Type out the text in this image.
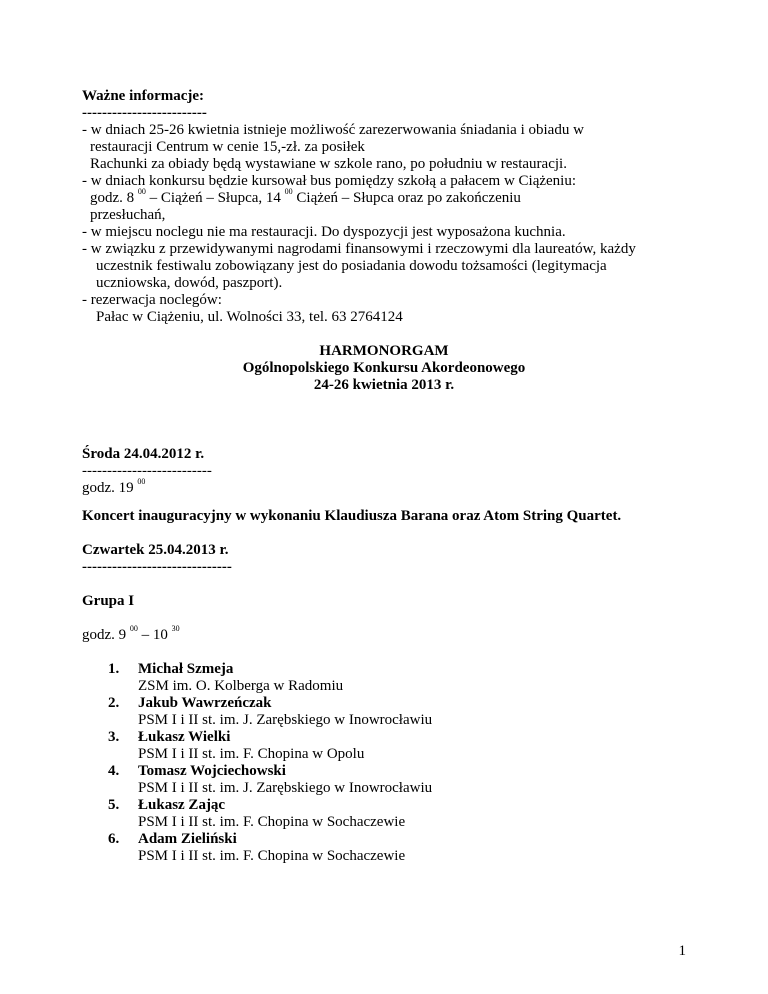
Ważne informacje:
-------------------------
- w dniach 25-26 kwietnia istnieje możliwość zarezerwowania śniadania i obiadu w
restauracji Centrum w cenie 15,-zł. za posiłek
Rachunki za obiady będą wystawiane w szkole rano, po południu w restauracji.
- w dniach konkursu będzie kursował bus pomiędzy szkołą a pałacem w Ciążeniu:
godz. 8 $^{00}$ – Ciążeń – Słupca, 14 $^{00}$ Ciążeń – Słupca oraz po zakończeniu
przesłuchań,
- w miejscu noclegu nie ma restauracji. Do dyspozycji jest wyposażona kuchnia.
- w związku z przewidywanymi nagrodami finansowymi i rzeczowymi dla laureatów, każdy
uczestnik festiwalu zobowiązany jest do posiadania dowodu tożsamości (legitymacja
uczniowska, dowód, paszport).
- rezerwacja noclegów:
Pałac w Ciążeniu, ul. Wolności 33, tel. 63 2764124
HARMONORGAM
Ogólnopolskiego Konkursu Akordeonowego
24-26 kwietnia 2013 r.
Środa 24.04.2012 r.
--------------------------
godz. 19 $^{00}$
Koncert inauguracyjny w wykonaniu Klaudiusza Barana oraz Atom String Quartet.
Czwartek 25.04.2013 r.
------------------------------
Grupa I
godz. 9 $^{00}$ – 10 $^{30}$
1. Michał Szmeja
ZSM im. O. Kolberga w Radomiu
2. Jakub Wawrzeńczak
PSM I i II st. im. J. Zarębskiego w Inowrocławiu
3. Łukasz Wielki
PSM I i II st. im. F. Chopina w Opolu
4. Tomasz Wojciechowski
PSM I i II st. im. J. Zarębskiego w Inowrocławiu
5. Łukasz Zając
PSM I i II st. im. F. Chopina w Sochaczewie
6. Adam Zieliński
PSM I i II st. im. F. Chopina w Sochaczewie
1
